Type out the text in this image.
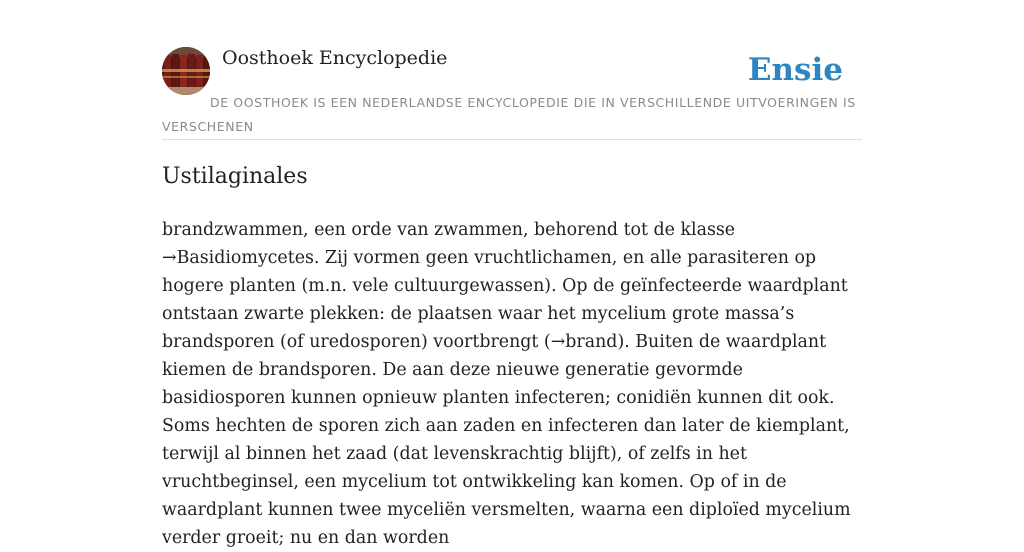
Oosthoek Encyclopedie	Ensie
DE OOSTHOEK IS EEN NEDERLANDSE ENCYCLOPEDIE DIE IN VERSCHILLENDE UITVOERINGEN IS VERSCHENEN
Ustilaginales

brandzwammen, een orde van zwammen, behorend tot de klasse →Basidiomycetes. Zij vormen geen vruchtlichamen, en alle parasiteren op hogere planten (m.n. vele cultuurgewassen). Op de geïnfecteerde waardplant ontstaan zwarte plekken: de plaatsen waar het mycelium grote massa’s brandsporen (of uredosporen) voortbrengt (→brand). Buiten de waardplant kiemen de brandsporen. De aan deze nieuwe generatie gevormde basidiosporen kunnen opnieuw planten infecteren; conidiën kunnen dit ook. Soms hechten de sporen zich aan zaden en infecteren dan later de kiemplant, terwijl al binnen het zaad (dat levenskrachtig blijft), of zelfs in het vruchtbeginsel, een mycelium tot ontwikkeling kan komen. Op of in de waardplant kunnen twee myceliën versmelten, waarna een diploïed mycelium verder groeit; nu en dan worden
